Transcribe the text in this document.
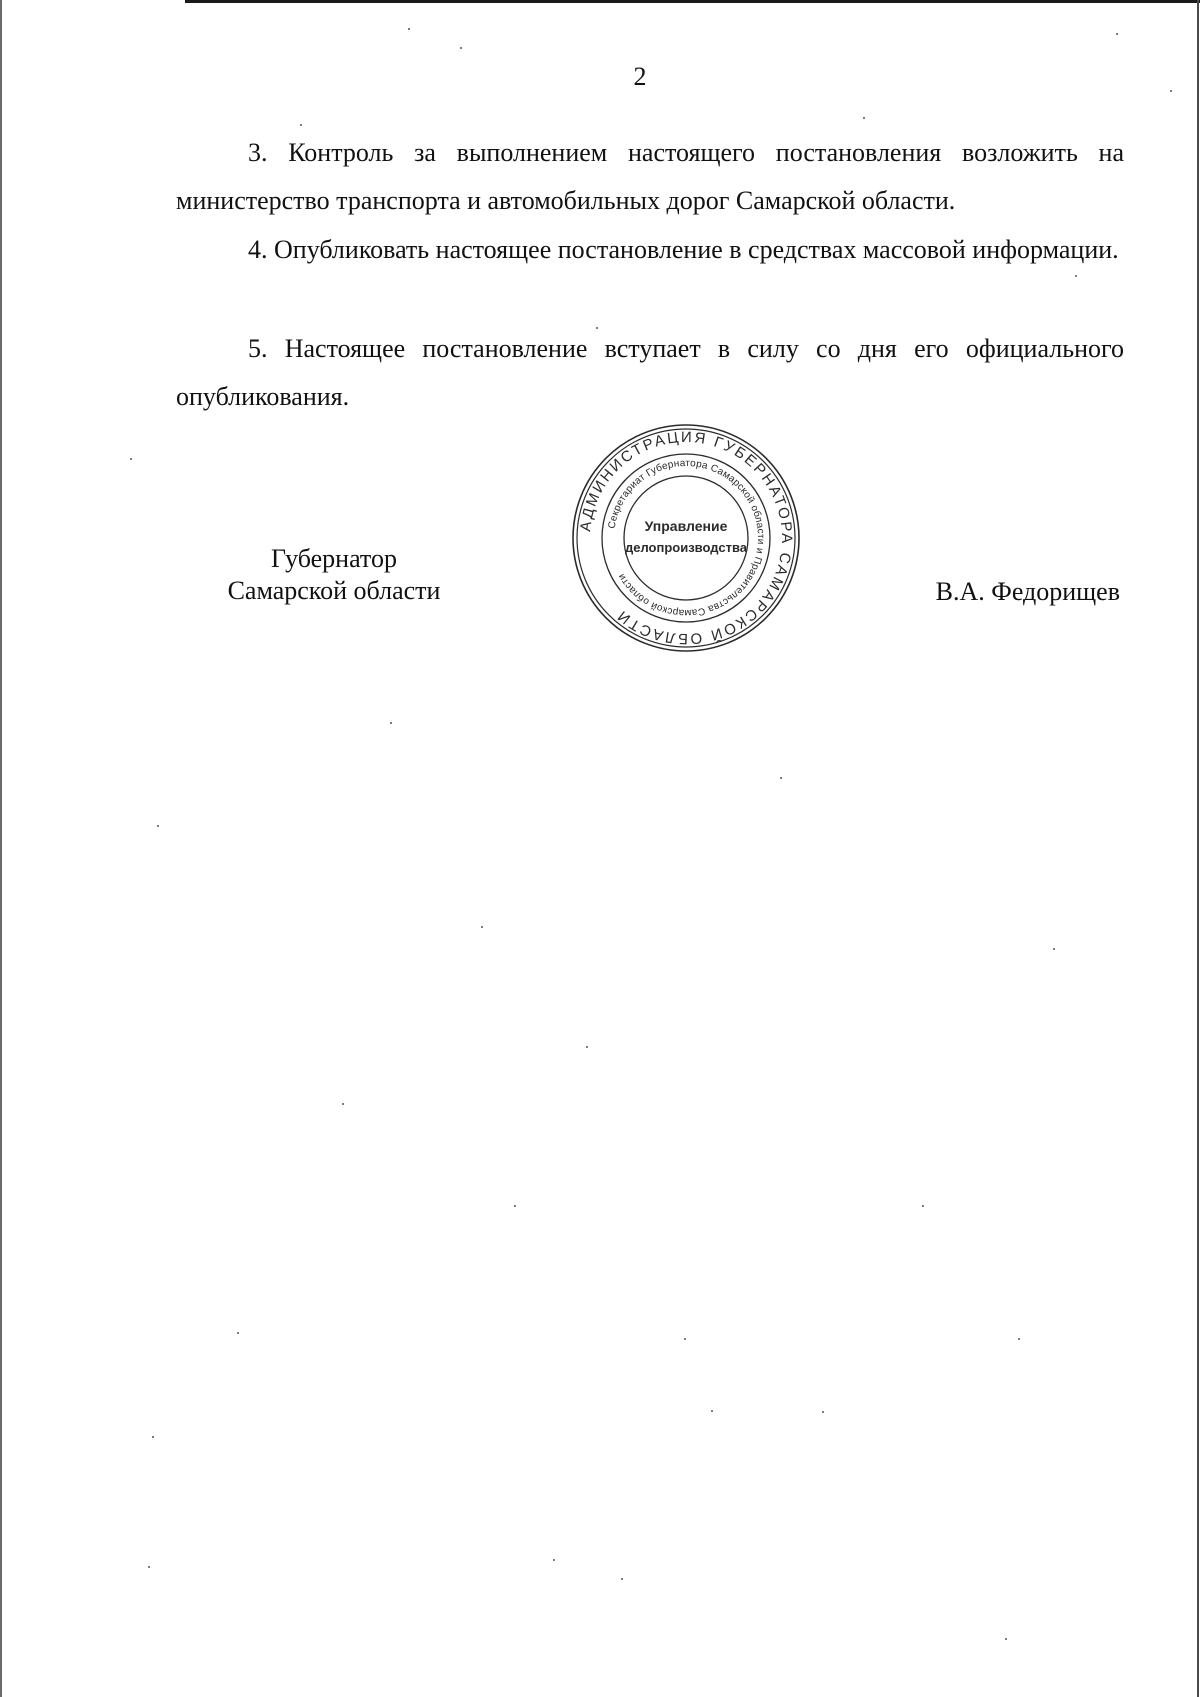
2

3. Контроль за выполнением настоящего постановления возложить на министерство транспорта и автомобильных дорог Самарской области.

4. Опубликовать настоящее постановление в средствах массовой информации.

5. Настоящее постановление вступает в силу со дня его официального опубликования.

Губернатор
Самарской области
АДМИНИСТРАЦИЯ ГУБЕРНАТОРА САМАРСКОЙ ОБЛАСТИ
Секретариат Губернатора Самарской области и Правительства Самарской области
Управление
делопроизводства
В.А. Федорищев
